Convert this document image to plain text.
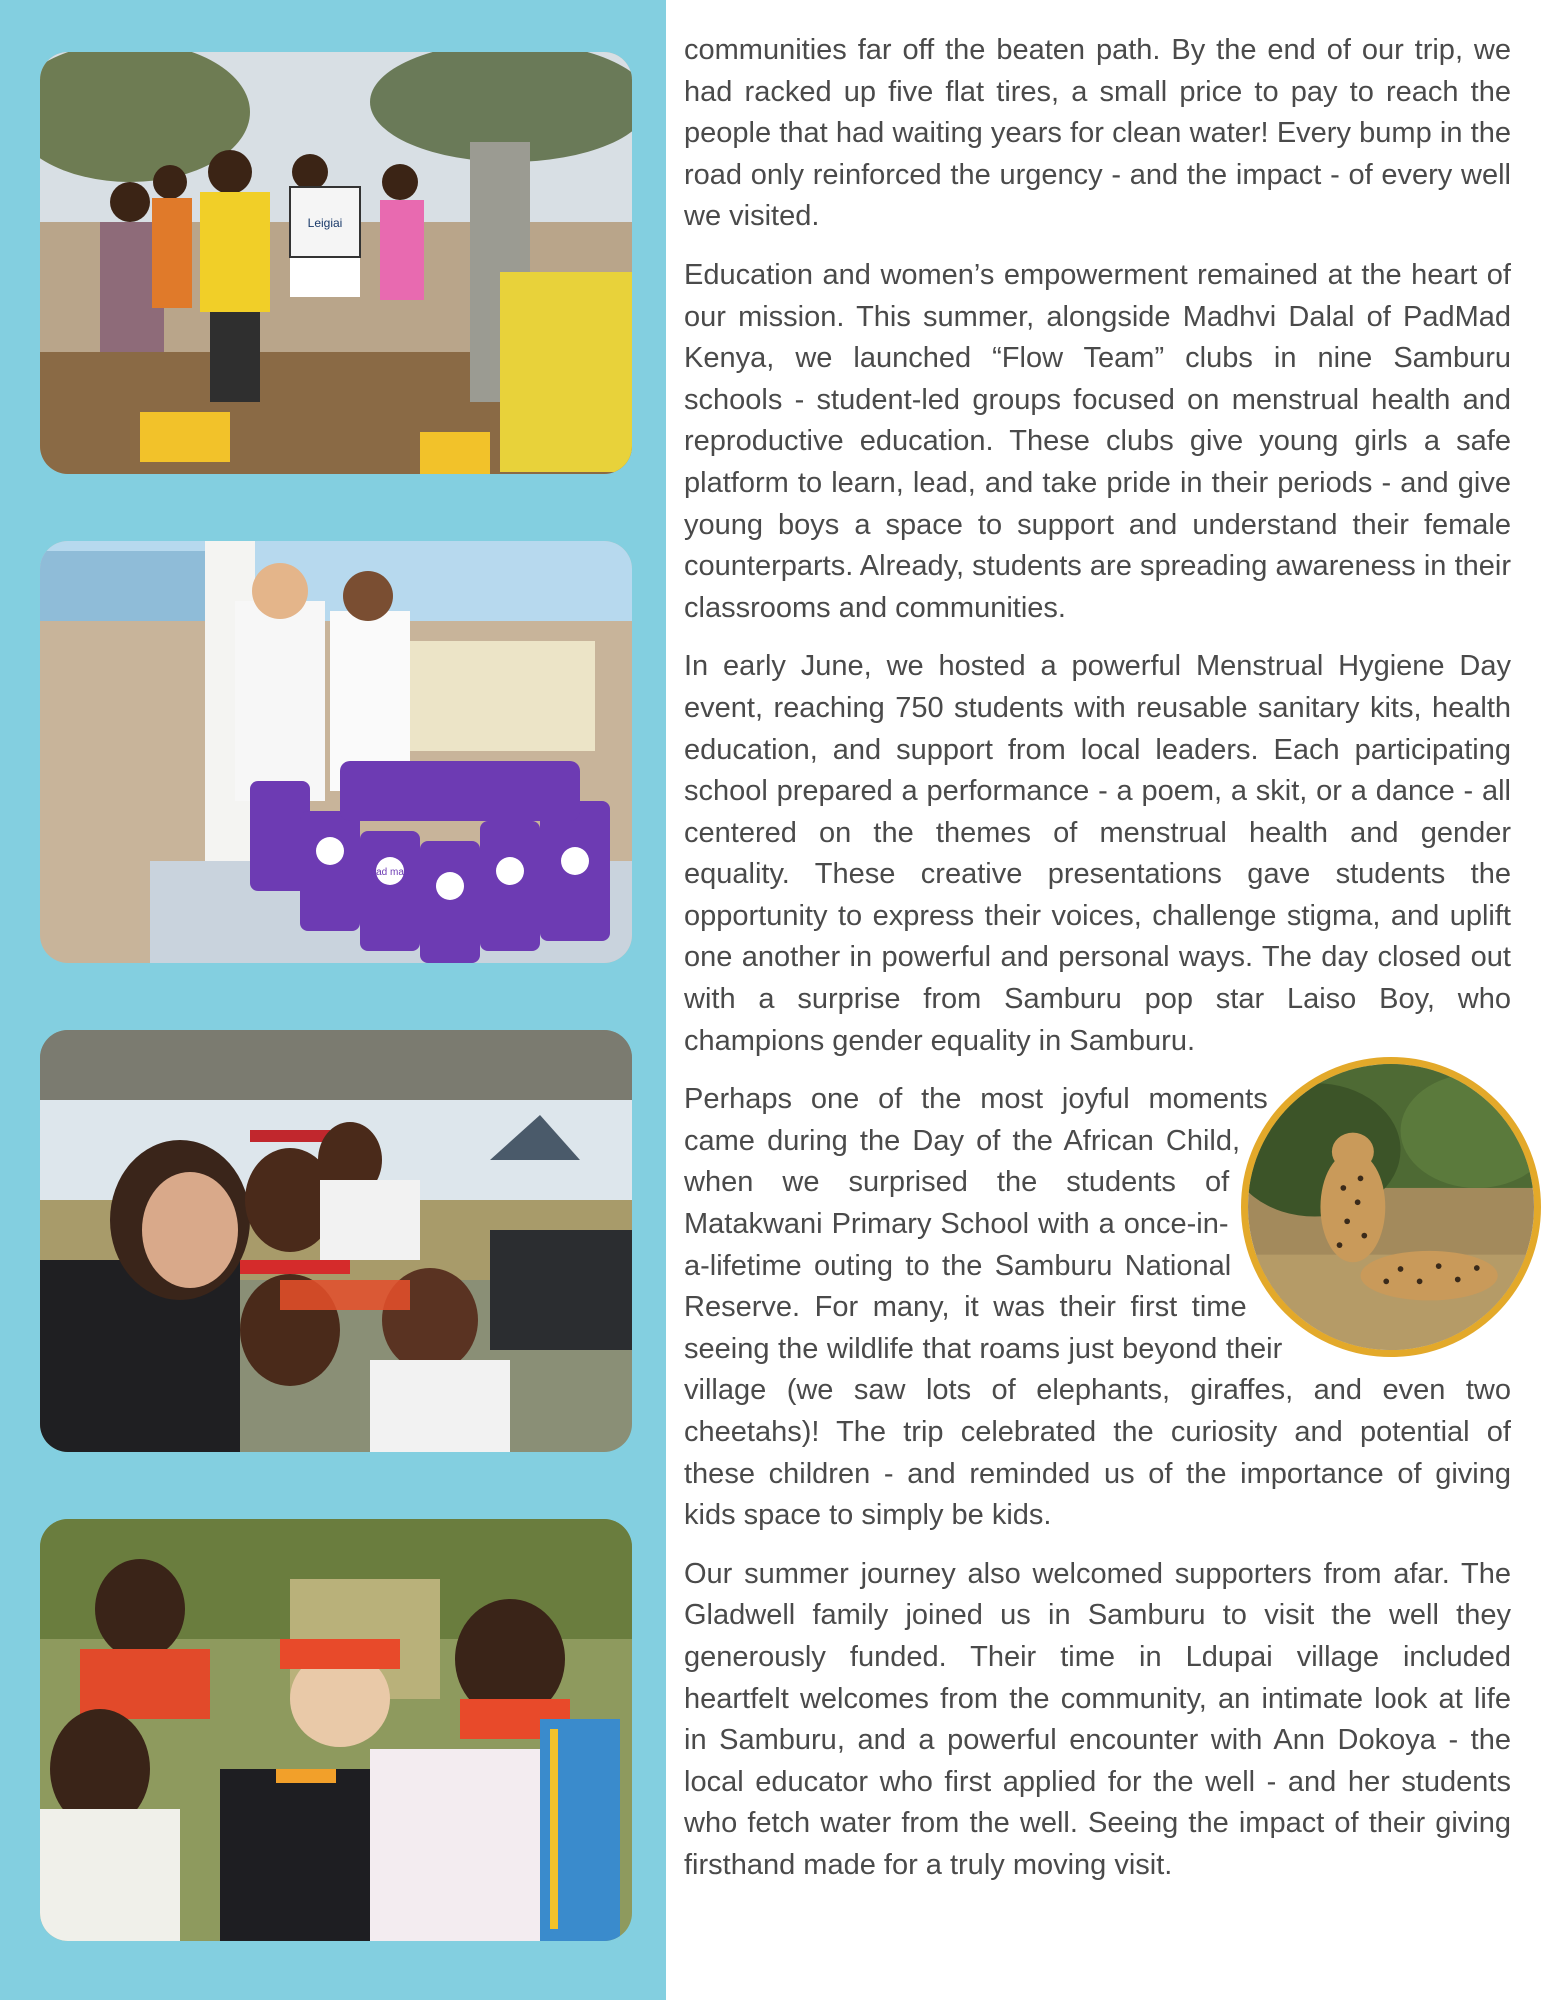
Leigiai
pad mad

communities far off the beaten path. By the end of our trip, we had racked up five flat tires, a small price to pay to reach the people that had waiting years for clean water! Every bump in the road only reinforced the urgency - and the impact - of every well we visited.

Education and women’s empowerment remained at the heart of our mission. This summer, alongside Madhvi Dalal of PadMad Kenya, we launched “Flow Team” clubs in nine Samburu schools - student-led groups focused on menstrual health and reproductive education. These clubs give young girls a safe platform to learn, lead, and take pride in their periods - and give young boys a space to support and understand their female counterparts. Already, students are spreading awareness in their classrooms and communities.

In early June, we hosted a powerful Menstrual Hygiene Day event, reaching 750 students with reusable sanitary kits, health education, and support from local leaders. Each participating school prepared a performance - a poem, a skit, or a dance - all centered on the themes of menstrual health and gender equality. These creative presentations gave students the opportunity to express their voices, challenge stigma, and uplift one another in powerful and personal ways. The day closed out with a surprise from Samburu pop star Laiso Boy, who champions gender equality in Samburu.

Perhaps one of the most joyful moments came during the Day of the African Child, when we surprised the students of Matakwani Primary School with a once-in-a-lifetime outing to the Samburu National Reserve. For many, it was their first time seeing the wildlife that roams just beyond their village (we saw lots of elephants, giraffes, and even two cheetahs)! The trip celebrated the curiosity and potential of these children - and reminded us of the importance of giving kids space to simply be kids.

Our summer journey also welcomed supporters from afar. The Gladwell family joined us in Samburu to visit the well they generously funded. Their time in Ldupai village included heartfelt welcomes from the community, an intimate look at life in Samburu, and a powerful encounter with Ann Dokoya - the local educator who first applied for the well - and her students who fetch water from the well. Seeing the impact of their giving firsthand made for a truly moving visit.
